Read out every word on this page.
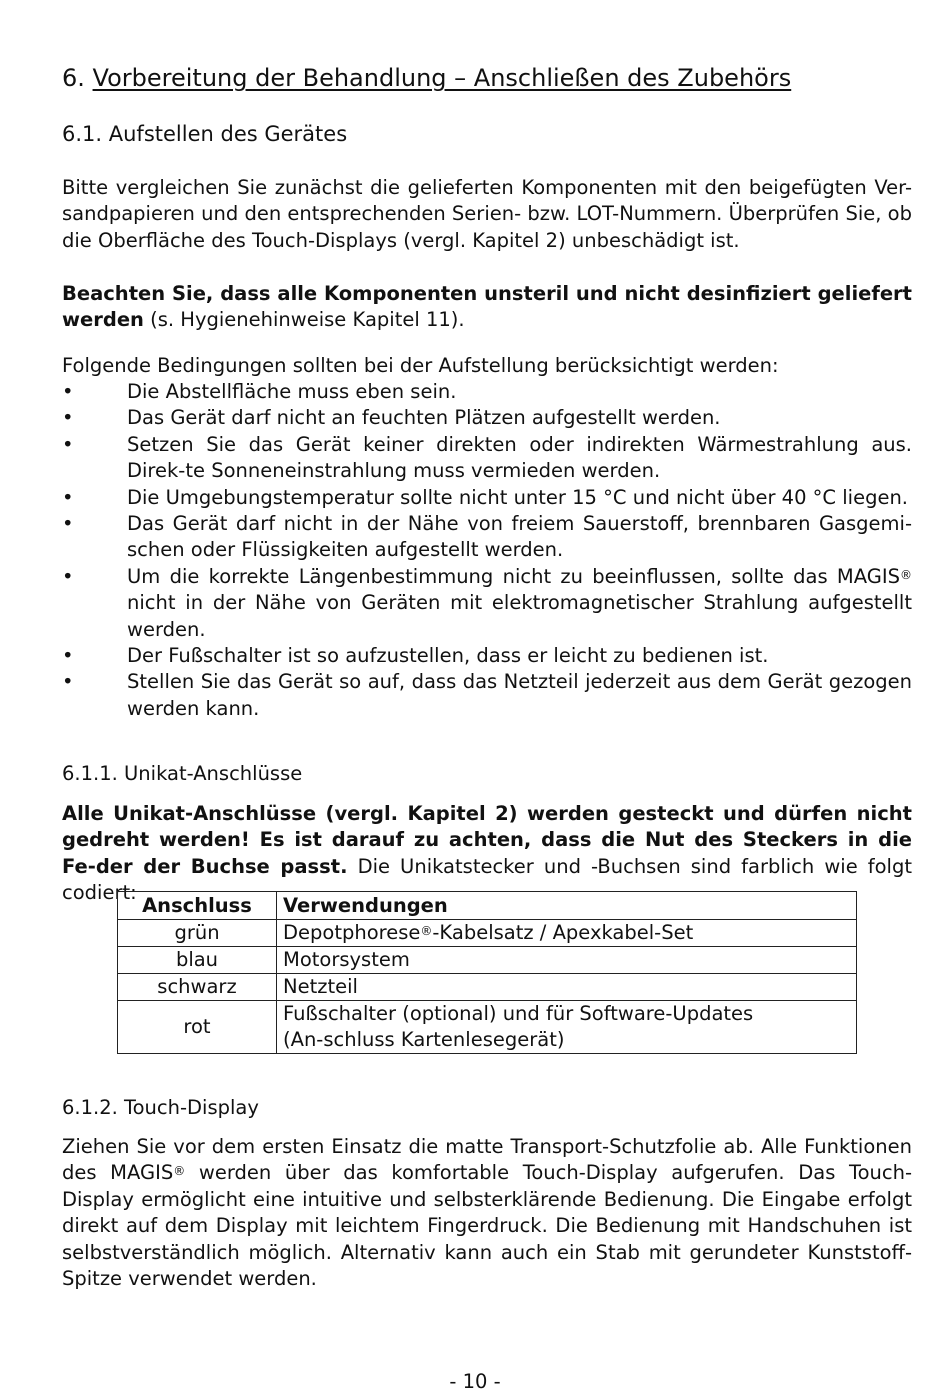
6. Vorbereitung der Behandlung – Anschließen des Zubehörs
6.1. Aufstellen des Gerätes
Bitte vergleichen Sie zunächst die gelieferten Komponenten mit den beigefügten Ver-
sandpapieren und den entsprechenden Serien- bzw. LOT-Nummern. Überprüfen Sie, ob
die Oberfläche des Touch-Displays (vergl. Kapitel 2) unbeschädigt ist.
Beachten Sie, dass alle Komponenten unsteril und nicht desinfiziert geliefert
werden (s. Hygienehinweise Kapitel 11).
Folgende Bedingungen sollten bei der Aufstellung berücksichtigt werden:
•	Die Abstellfläche muss eben sein.
•	Das Gerät darf nicht an feuchten Plätzen aufgestellt werden.
•	Setzen Sie das Gerät keiner direkten oder indirekten Wärmestrahlung aus. Direk-te Sonneneinstrahlung muss vermieden werden.
•	Die Umgebungstemperatur sollte nicht unter 15 °C und nicht über 40 °C liegen.
•	Das Gerät darf nicht in der Nähe von freiem Sauerstoff, brennbaren Gasgemi-schen oder Flüssigkeiten aufgestellt werden.
•	Um die korrekte Längenbestimmung nicht zu beeinflussen, sollte das MAGIS® nicht in der Nähe von Geräten mit elektromagnetischer Strahlung aufgestellt werden.
•	Der Fußschalter ist so aufzustellen, dass er leicht zu bedienen ist.
•	Stellen Sie das Gerät so auf, dass das Netzteil jederzeit aus dem Gerät gezogen werden kann.
6.1.1. Unikat-Anschlüsse
Alle Unikat-Anschlüsse (vergl. Kapitel 2) werden gesteckt und dürfen nicht gedreht werden! Es ist darauf zu achten, dass die Nut des Steckers in die Fe-der der Buchse passt. Die Unikatstecker und -Buchsen sind farblich wie folgt codiert:
Anschluss	Verwendungen
grün	Depotphorese®-Kabelsatz / Apexkabel-Set
blau	Motorsystem
schwarz	Netzteil
rot	Fußschalter (optional) und für Software-Updates (An-schluss Kartenlesegerät)
6.1.2. Touch-Display
Ziehen Sie vor dem ersten Einsatz die matte Transport-Schutzfolie ab. Alle Funktionen des MAGIS® werden über das komfortable Touch-Display aufgerufen. Das Touch-Display ermöglicht eine intuitive und selbsterklärende Bedienung. Die Eingabe erfolgt direkt auf dem Display mit leichtem Fingerdruck. Die Bedienung mit Handschuhen ist selbstverständlich möglich. Alternativ kann auch ein Stab mit gerundeter Kunststoff-Spitze verwendet werden.
- 10 -
